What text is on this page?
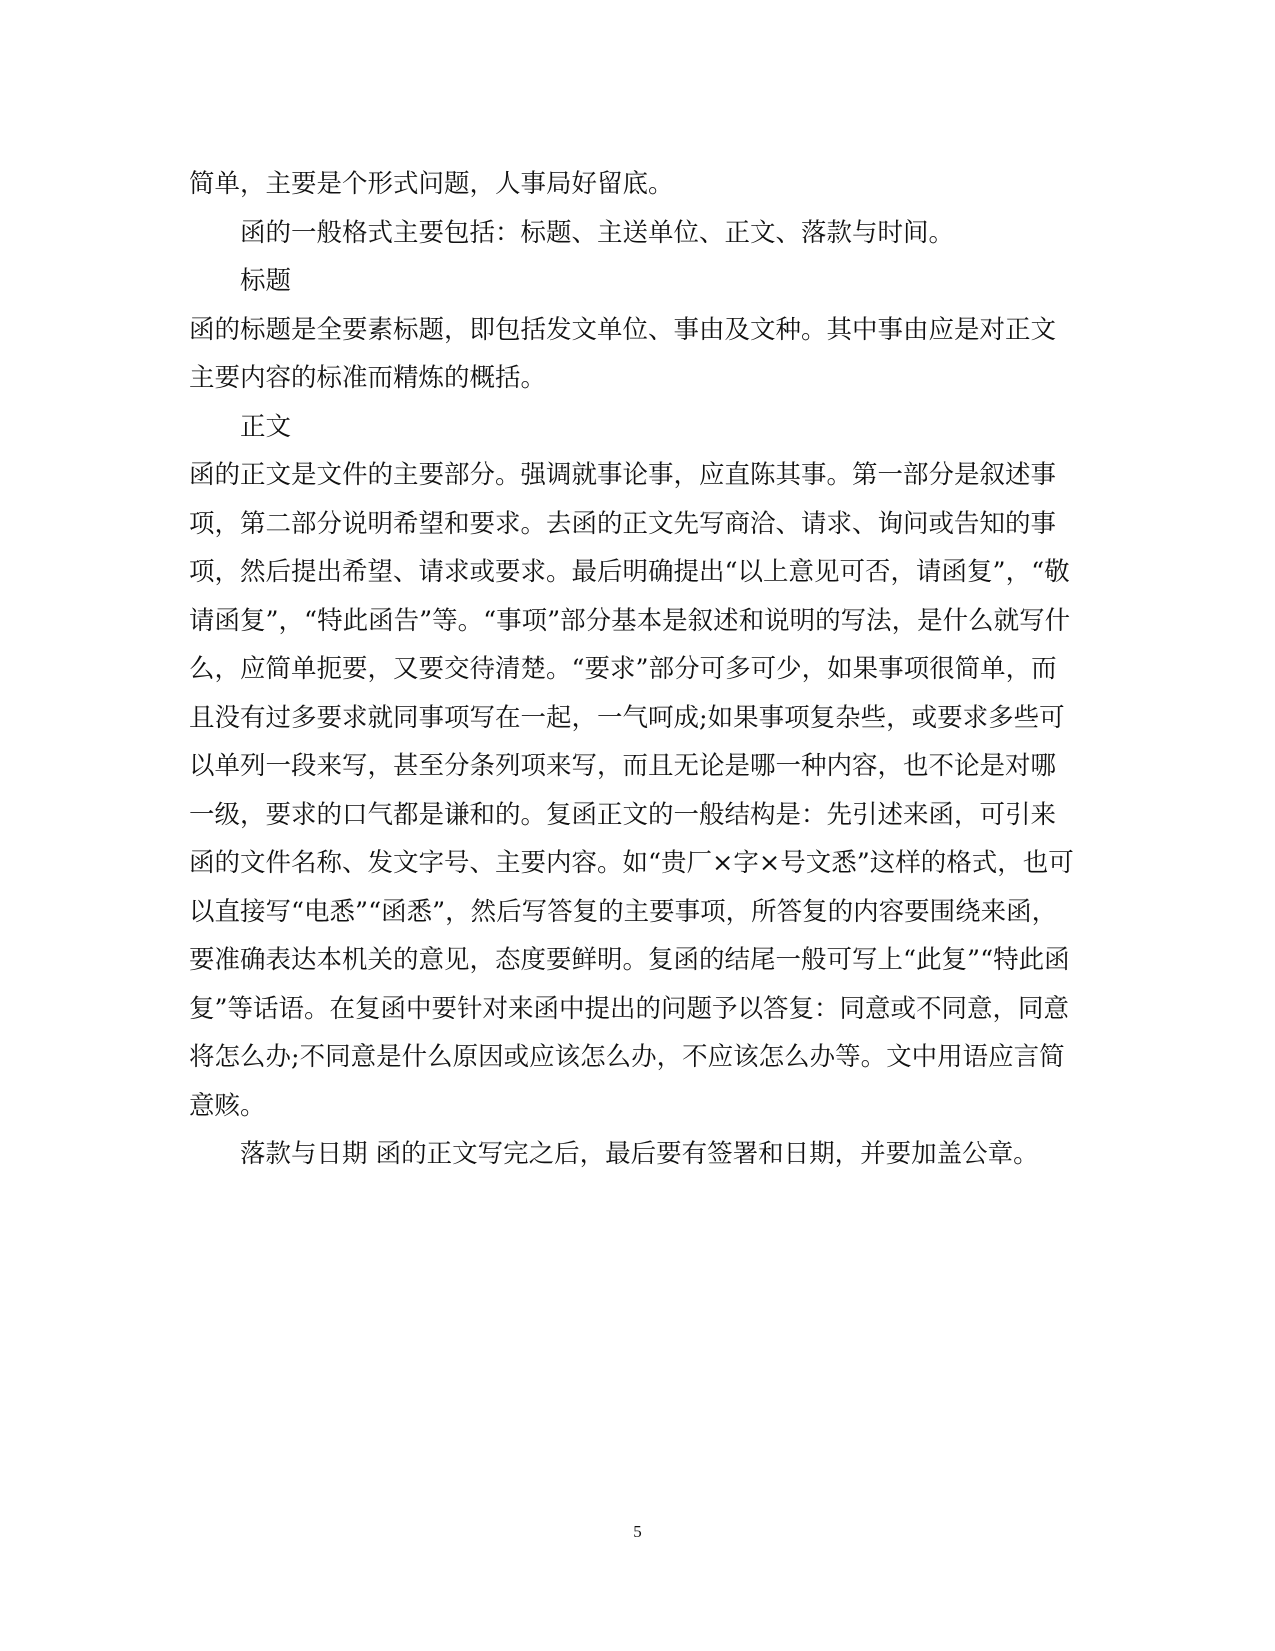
简单，主要是个形式问题，人事局好留底。

函的一般格式主要包括：标题、主送单位、正文、落款与时间。

标题

函的标题是全要素标题，即包括发文单位、事由及文种。其中事由应是对正文主要内容的标准而精炼的概括。

正文

函的正文是文件的主要部分。强调就事论事，应直陈其事。第一部分是叙述事项，第二部分说明希望和要求。去函的正文先写商洽、请求、询问或告知的事项，然后提出希望、请求或要求。最后明确提出“以上意见可否，请函复”，“敬请函复”，“特此函告”等。“事项”部分基本是叙述和说明的写法，是什么就写什么，应简单扼要，又要交待清楚。“要求”部分可多可少，如果事项很简单，而且没有过多要求就同事项写在一起，一气呵成;如果事项复杂些，或要求多些可以单列一段来写，甚至分条列项来写，而且无论是哪一种内容，也不论是对哪一级，要求的口气都是谦和的。复函正文的一般结构是：先引述来函，可引来函的文件名称、发文字号、主要内容。如“贵厂×字×号文悉”这样的格式，也可以直接写“电悉”“函悉”，然后写答复的主要事项，所答复的内容要围绕来函，要准确表达本机关的意见，态度要鲜明。复函的结尾一般可写上“此复”“特此函复”等话语。在复函中要针对来函中提出的问题予以答复：同意或不同意，同意将怎么办;不同意是什么原因或应该怎么办，不应该怎么办等。文中用语应言简意赅。

落款与日期 函的正文写完之后，最后要有签署和日期，并要加盖公章。

5
